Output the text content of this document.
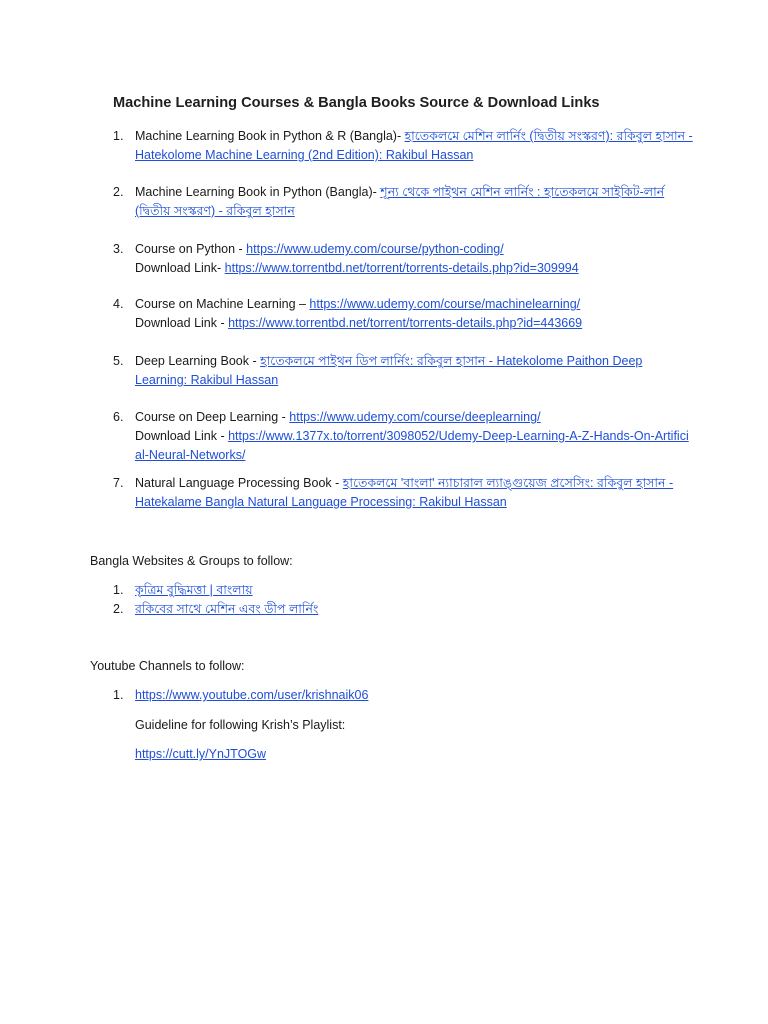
Machine Learning Courses & Bangla Books Source & Download Links
1. Machine Learning Book in Python & R (Bangla)- হাতেকলমে মেশিন লার্নিং (দ্বিতীয় সংস্করণ): রকিবুল হাসান - Hatekolome Machine Learning (2nd Edition): Rakibul Hassan
2. Machine Learning Book in Python (Bangla)- শূন্য থেকে পাইথন মেশিন লার্নিং : হাতেকলমে সাইকিট-লার্ন (দ্বিতীয় সংস্করণ) - রকিবুল হাসান
3. Course on Python - https://www.udemy.com/course/python-coding/
Download Link- https://www.torrentbd.net/torrent/torrents-details.php?id=309994
4. Course on Machine Learning – https://www.udemy.com/course/machinelearning/
Download Link - https://www.torrentbd.net/torrent/torrents-details.php?id=443669
5. Deep Learning Book - হাতেকলমে পাইথন ডিপ লার্নিং: রকিবুল হাসান - Hatekolome Paithon Deep Learning: Rakibul Hassan
6. Course on Deep Learning - https://www.udemy.com/course/deeplearning/
Download Link - https://www.1377x.to/torrent/3098052/Udemy-Deep-Learning-A-Z-Hands-On-Artificial-Neural-Networks/
7. Natural Language Processing Book - হাতেকলমে 'বাংলা' ন্যাচারাল ল্যাঙ্গুয়েজ প্রসেসিং: রকিবুল হাসান - Hatekalame Bangla Natural Language Processing: Rakibul Hassan
Bangla Websites & Groups to follow:
1. কৃত্রিম বুদ্ধিমত্তা | বাংলায়
2. রকিবের সাথে মেশিন এবং ডীপ লার্নিং
Youtube Channels to follow:
1. https://www.youtube.com/user/krishnaik06
Guideline for following Krish’s Playlist:
https://cutt.ly/YnJTOGw
